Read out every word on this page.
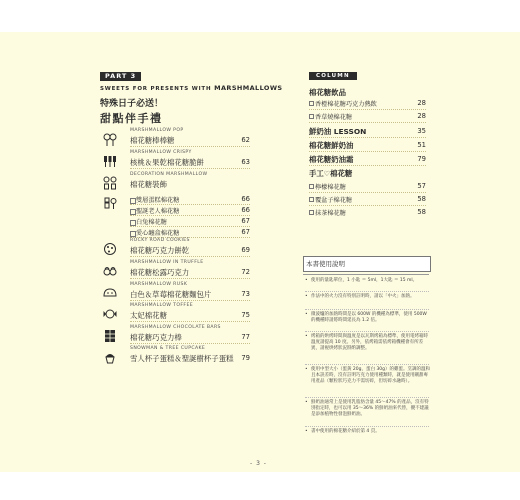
PART 3
SWEETS FOR PRESENTS WITH MARSHMALLOWS
特殊日子必送！
甜點伴手禮
MARSHMALLOW POP
棉花糖棒棒糖	62
MARSHMALLOW CRISPY
核桃＆果乾棉花糖脆餅	63
DECORATION MARSHMALLOW
棉花糖裝飾
雙層蛋糕棉花糖	66
聖誕老人棉花糖	66
白兔棉花糖	67
愛心纏盒棉花糖	67
ROCKY ROAD COOKIES
棉花糖巧克力餅乾	69
MARSHMALLOW IN TRUFFLE
棉花糖松露巧克力	72
MARSHMALLOW RUSK
白色＆草莓棉花糖麵包片	73
MARSHMALLOW TOFFEE
太妃棉花糖	75
MARSHMALLOW CHOCOLATE BARS
棉花糖巧克力棒	77
SNOWMAN & TREE CUPCAKE
雪人杯子蛋糕＆聖誕樹杯子蛋糕	79
COLUMN
棉花糖飲品
香橙棉花糖巧克力熱飲	28
香草燒棉花糖	28
鮮奶油 LESSON	35
棉花糖鮮奶油	51
棉花糖奶油霜	79
手工♡棉花糖
檸檬棉花糖	57
覆盆子棉花糖	58
抹茶棉花糖	58
本書使用說明
• 使用的量匙單位，1 小匙 ＝ 5ml，1大匙 ＝ 15 ml。
• 作法中的火力沒有特別註明時，請以「中火」加熱。
• 微波爐的加熱時間是以 600W 的機種為標準，使用 500W 的機種時請將時間延長為 1.2 倍。
• 烤箱的烘烤時間與溫度是以瓦斯烤箱為標準，使用電烤箱時溫度請提高 10 度。另外，依烤箱需依烤箱機種會有所差異，請視烘烤狀況斟酌調整。
• 使用中型大小（蛋黃 20g，蛋白 30g）的雞蛋。烹調的溫和且本誤差時，沒有註明巧克力使用種類時，就是使用剛甜專用產品（顆粒狀巧克力不需切碎，但切碎水融時）。
• 鮮奶油通常上是使用乳脂肪含量 45〜47% 的產品，沒有特別指定時，也可以用 35〜36% 的鮮奶油來代替，優不建議是添加植物性發泡鮮奶油。
• 書中使用的棉花糖介紹於第 4 頁。
- 3 -
